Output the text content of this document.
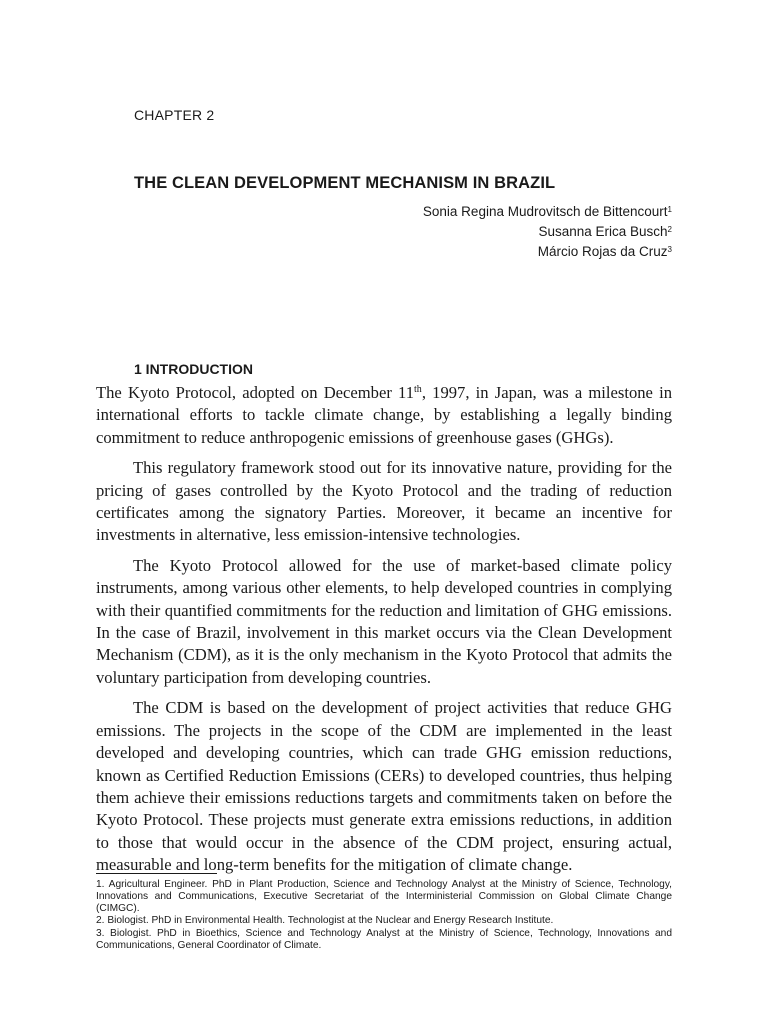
CHAPTER 2
THE CLEAN DEVELOPMENT MECHANISM IN BRAZIL
Sonia Regina Mudrovitsch de Bittencourt$^1$
Susanna Erica Busch$^2$
Márcio Rojas da Cruz$^3$
1 INTRODUCTION

The Kyoto Protocol, adopted on December 11th, 1997, in Japan, was a milestone in international efforts to tackle climate change, by establishing a legally binding commitment to reduce anthropogenic emissions of greenhouse gases (GHGs).

This regulatory framework stood out for its innovative nature, providing for the pricing of gases controlled by the Kyoto Protocol and the trading of reduction certificates among the signatory Parties. Moreover, it became an incentive for investments in alternative, less emission-intensive technologies.

The Kyoto Protocol allowed for the use of market-based climate policy instruments, among various other elements, to help developed countries in complying with their quantified commitments for the reduction and limitation of GHG emissions. In the case of Brazil, involvement in this market occurs via the Clean Development Mechanism (CDM), as it is the only mechanism in the Kyoto Protocol that admits the voluntary participation from developing countries.

The CDM is based on the development of project activities that reduce GHG emissions. The projects in the scope of the CDM are implemented in the least developed and developing countries, which can trade GHG emission reductions, known as Certified Reduction Emissions (CERs) to developed countries, thus helping them achieve their emissions reductions targets and commitments taken on before the Kyoto Protocol. These projects must generate extra emissions reductions, in addition to those that would occur in the absence of the CDM project, ensuring actual, measurable and long-term benefits for the mitigation of climate change.

1. Agricultural Engineer. PhD in Plant Production, Science and Technology Analyst at the Ministry of Science, Technology, Innovations and Communications, Executive Secretariat of the Interministerial Commission on Global Climate Change (CIMGC).

2. Biologist. PhD in Environmental Health. Technologist at the Nuclear and Energy Research Institute.

3. Biologist. PhD in Bioethics, Science and Technology Analyst at the Ministry of Science, Technology, Innovations and Communications, General Coordinator of Climate.
